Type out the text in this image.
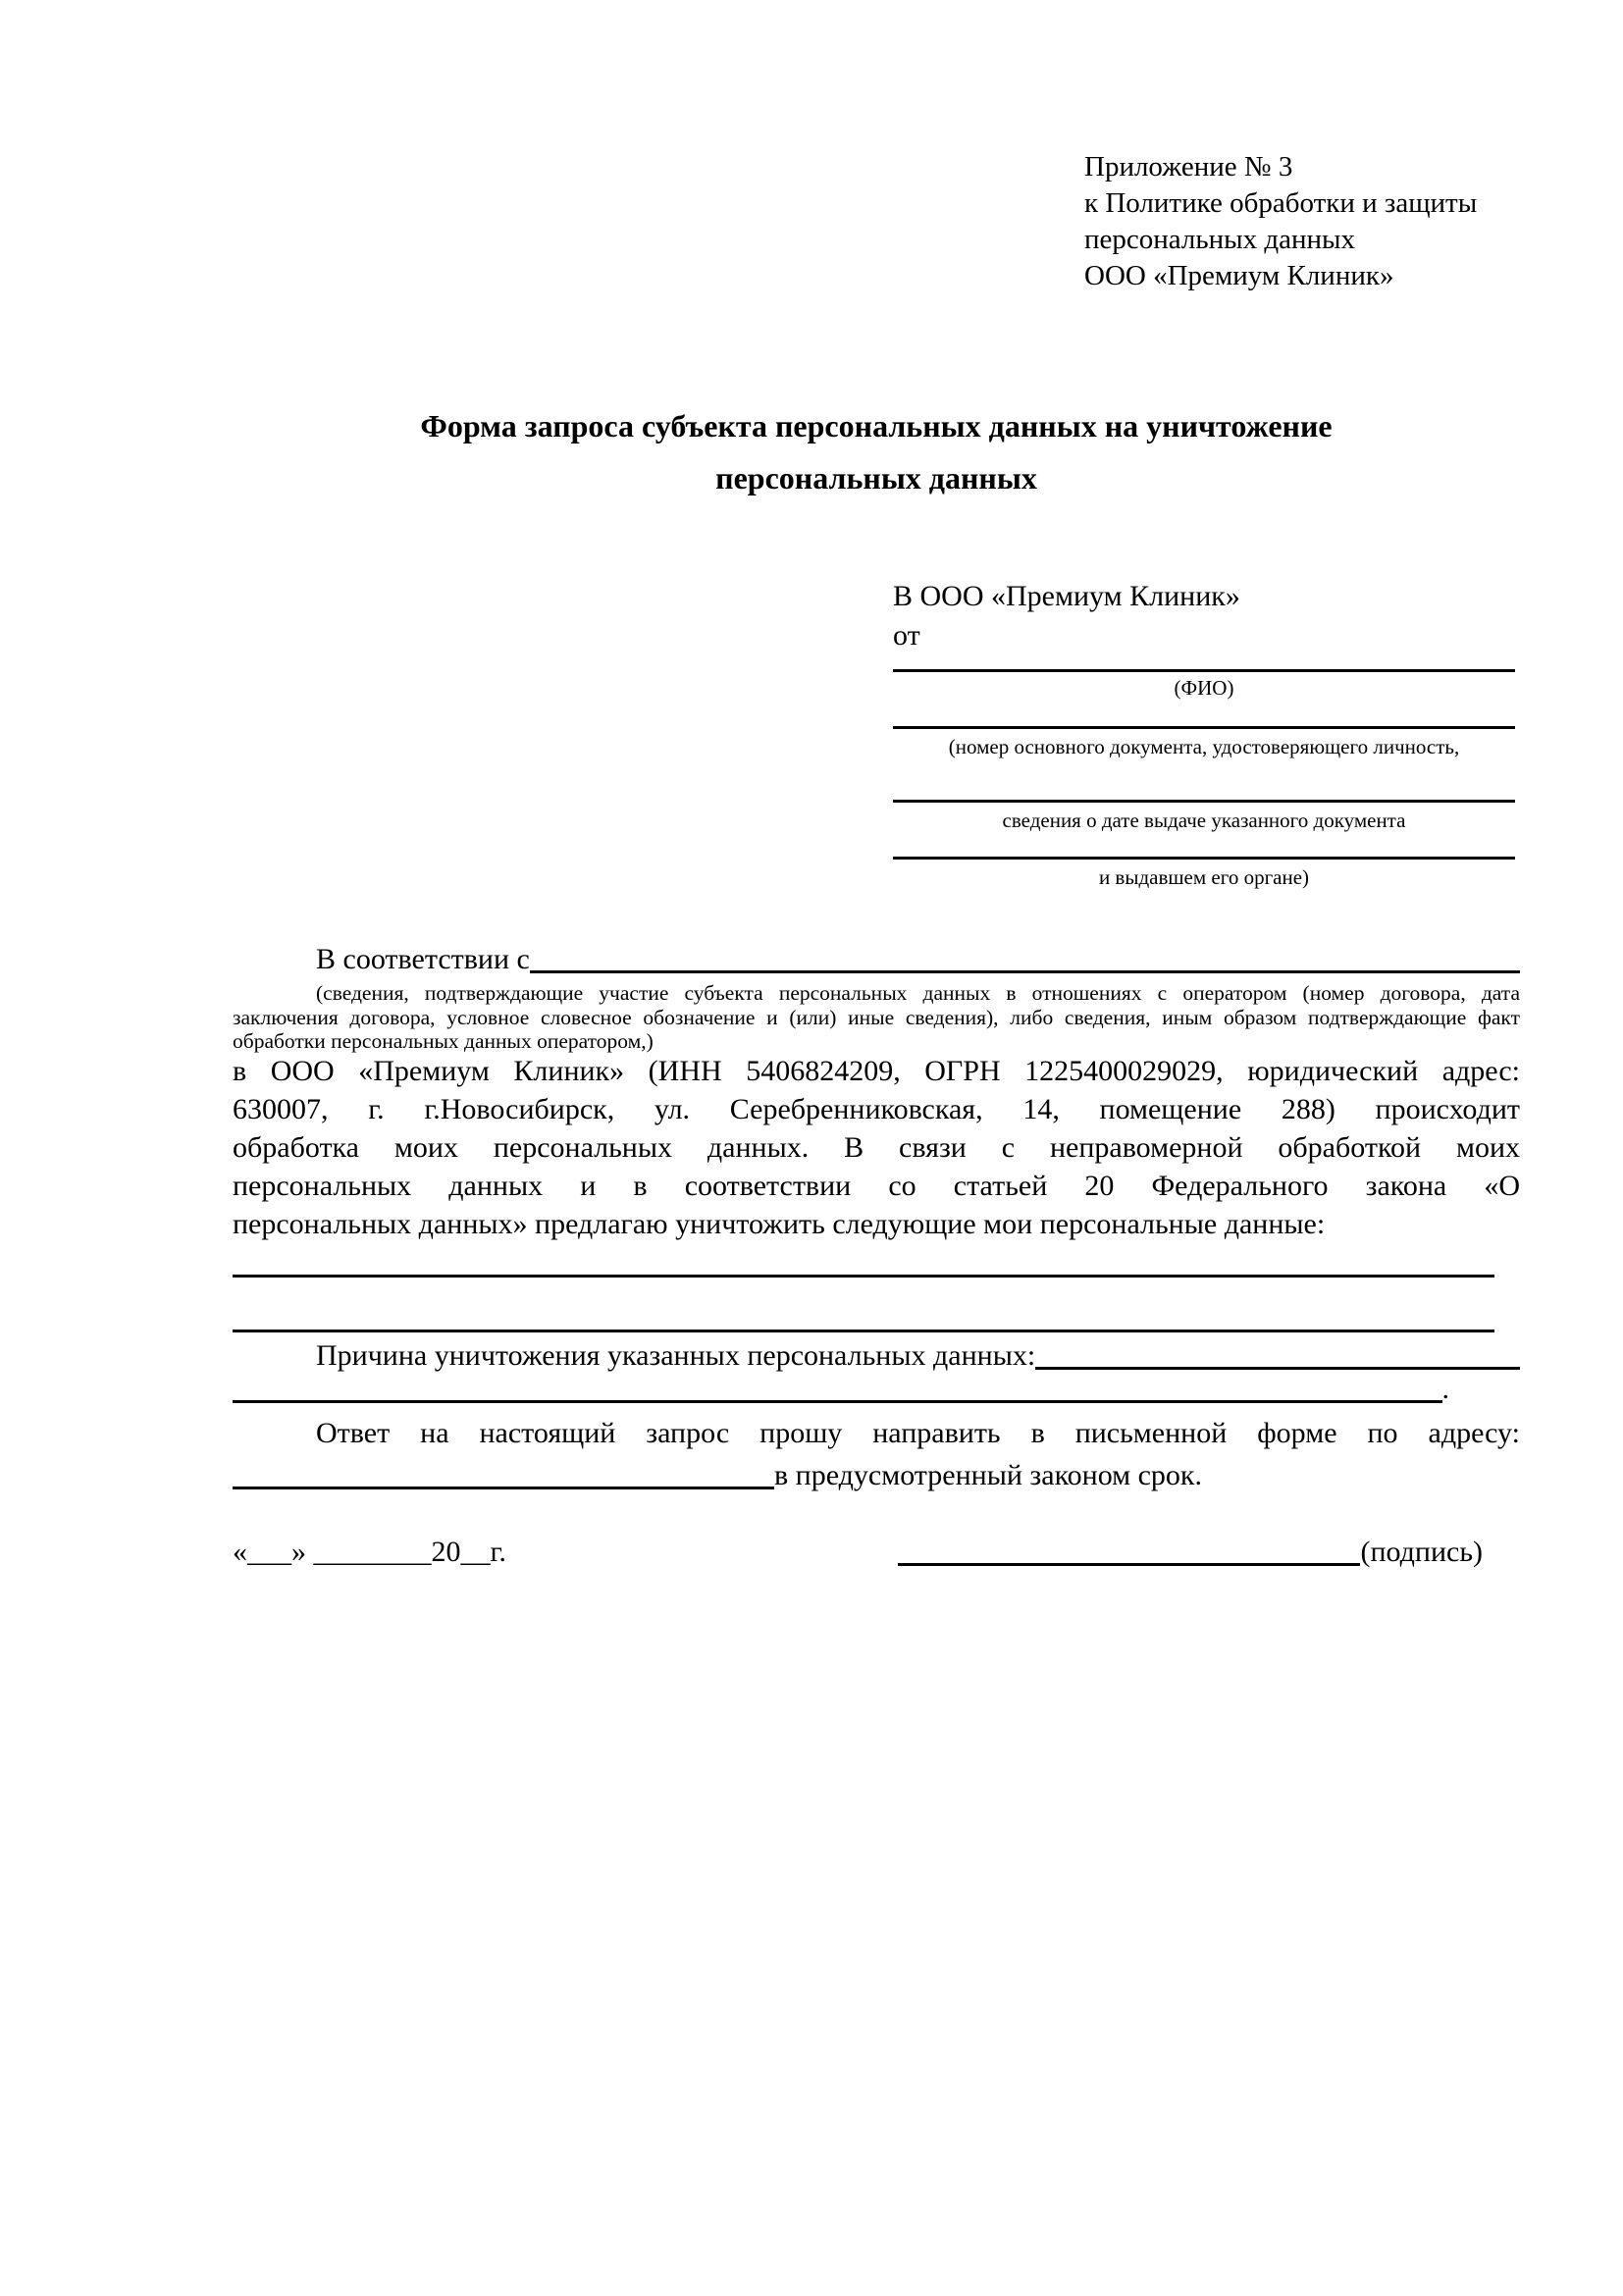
Приложение № 3
к Политике обработки и защиты
персональных данных
ООО «Премиум Клиник»
Форма запроса субъекта персональных данных на уничтожение
персональных данных
В ООО «Премиум Клиник»
от
(ФИО)
(номер основного документа, удостоверяющего личность,
сведения о дате выдаче указанного документа
и выдавшем его органе)
В соответствии с
(сведения, подтверждающие участие субъекта персональных данных в отношениях с оператором (номер договора, дата
заключения договора, условное словесное обозначение и (или) иные сведения), либо сведения, иным образом подтверждающие факт
обработки персональных данных оператором,)
в ООО «Премиум Клиник» (ИНН 5406824209, ОГРН 1225400029029, юридический адрес:
630007, г. г.Новосибирск, ул. Серебренниковская, 14, помещение 288) происходит
обработка моих персональных данных. В связи с неправомерной обработкой моих
персональных данных и в соответствии со статьей 20 Федерального закона «О
персональных данных» предлагаю уничтожить следующие мои персональные данные:
Причина уничтожения указанных персональных данных:
.
Ответ на настоящий запрос прошу направить в письменной форме по адресу:
в предусмотренный законом срок.
«___» ________20__г.	(подпись)
